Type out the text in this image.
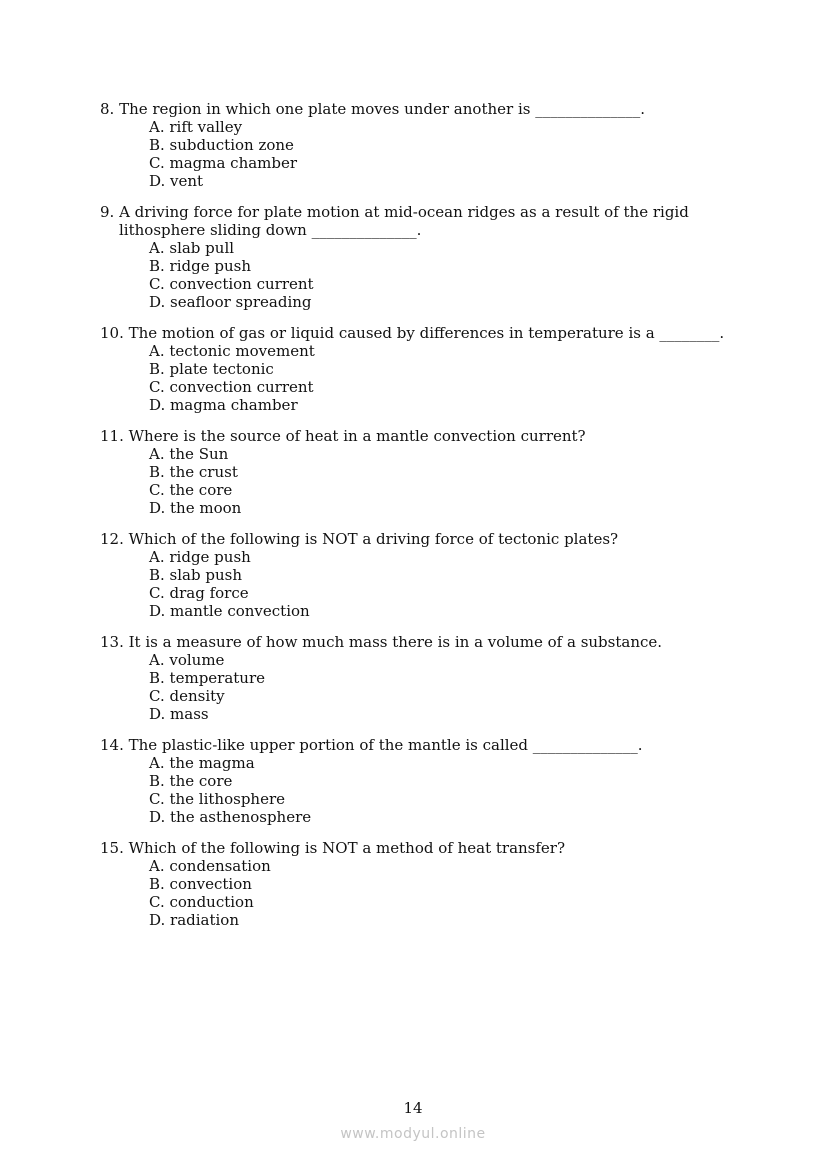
8. The region in which one plate moves under another is ______________.

A. rift valley
B. subduction zone
C. magma chamber
D. vent

9. A driving force for plate motion at mid-ocean ridges as a result of the rigid
lithosphere sliding down ______________.

A. slab pull
B. ridge push
C. convection current
D. seafloor spreading

10. The motion of gas or liquid caused by differences in temperature is a ________.

A. tectonic movement
B. plate tectonic
C. convection current
D. magma chamber

11. Where is the source of heat in a mantle convection current?

A. the Sun
B. the crust
C. the core
D. the moon

12. Which of the following is NOT a driving force of tectonic plates?

A. ridge push
B. slab push
C. drag force
D. mantle convection

13. It is a measure of how much mass there is in a volume of a substance.

A. volume
B. temperature
C. density
D. mass

14. The plastic-like upper portion of the mantle is called ______________.

A. the magma
B. the core
C. the lithosphere
D. the asthenosphere

15. Which of the following is NOT a method of heat transfer?

A. condensation
B. convection
C. conduction
D. radiation
14
www.modyul.online
